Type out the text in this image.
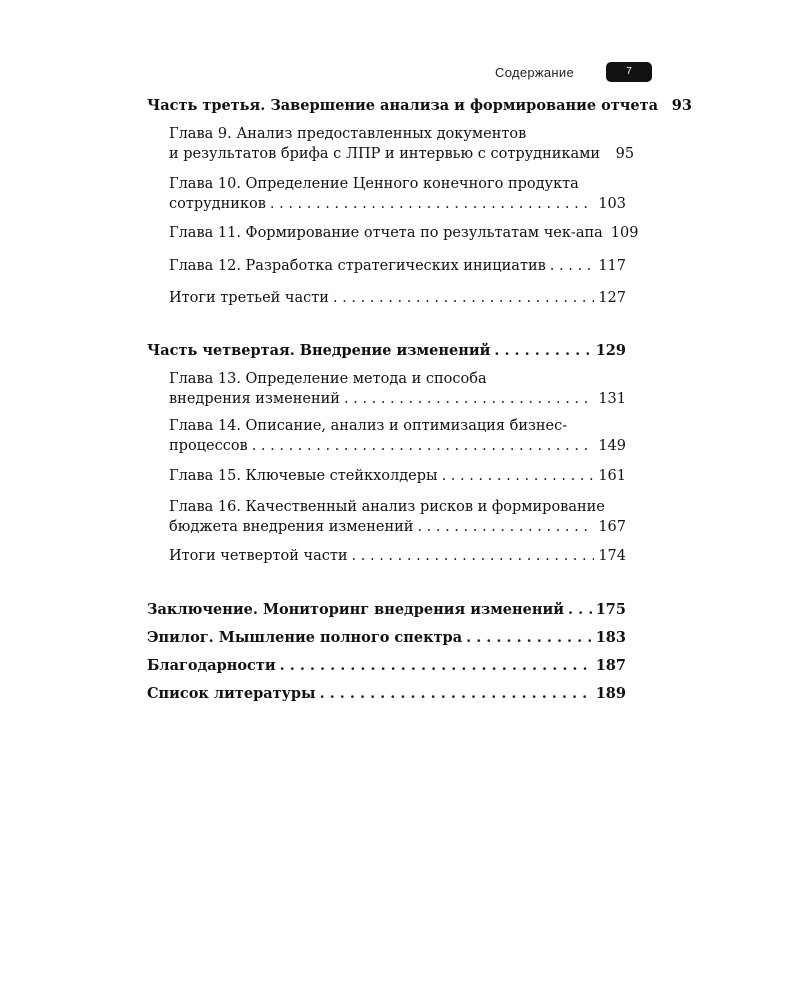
Содержание	7
Часть третья. Завершение анализа и формирование отчета 93
Глава 9. Анализ предоставленных документов
и результатов брифа с ЛПР и интервью с сотрудниками	95
Глава 10. Определение Ценного конечного продукта
сотрудников . . .	103
Глава 11. Формирование отчета по результатам чек-апа 109
Глава 12. Разработка стратегических инициатив . . .	117
Итоги третьей части . . .	127
Часть четвертая. Внедрение изменений . . .	129
Глава 13. Определение метода и способа
внедрения изменений . . .	131
Глава 14. Описание, анализ и оптимизация бизнес-
процессов . . .	149
Глава 15. Ключевые стейкхолдеры . . .	161
Глава 16. Качественный анализ рисков и формирование
бюджета внедрения изменений . . .	167
Итоги четвертой части . . .	174
Заключение. Мониторинг внедрения изменений . . . 175
Эпилог. Мышление полного спектра . . .	183
Благодарности . . .	187
Список литературы . . .	189
